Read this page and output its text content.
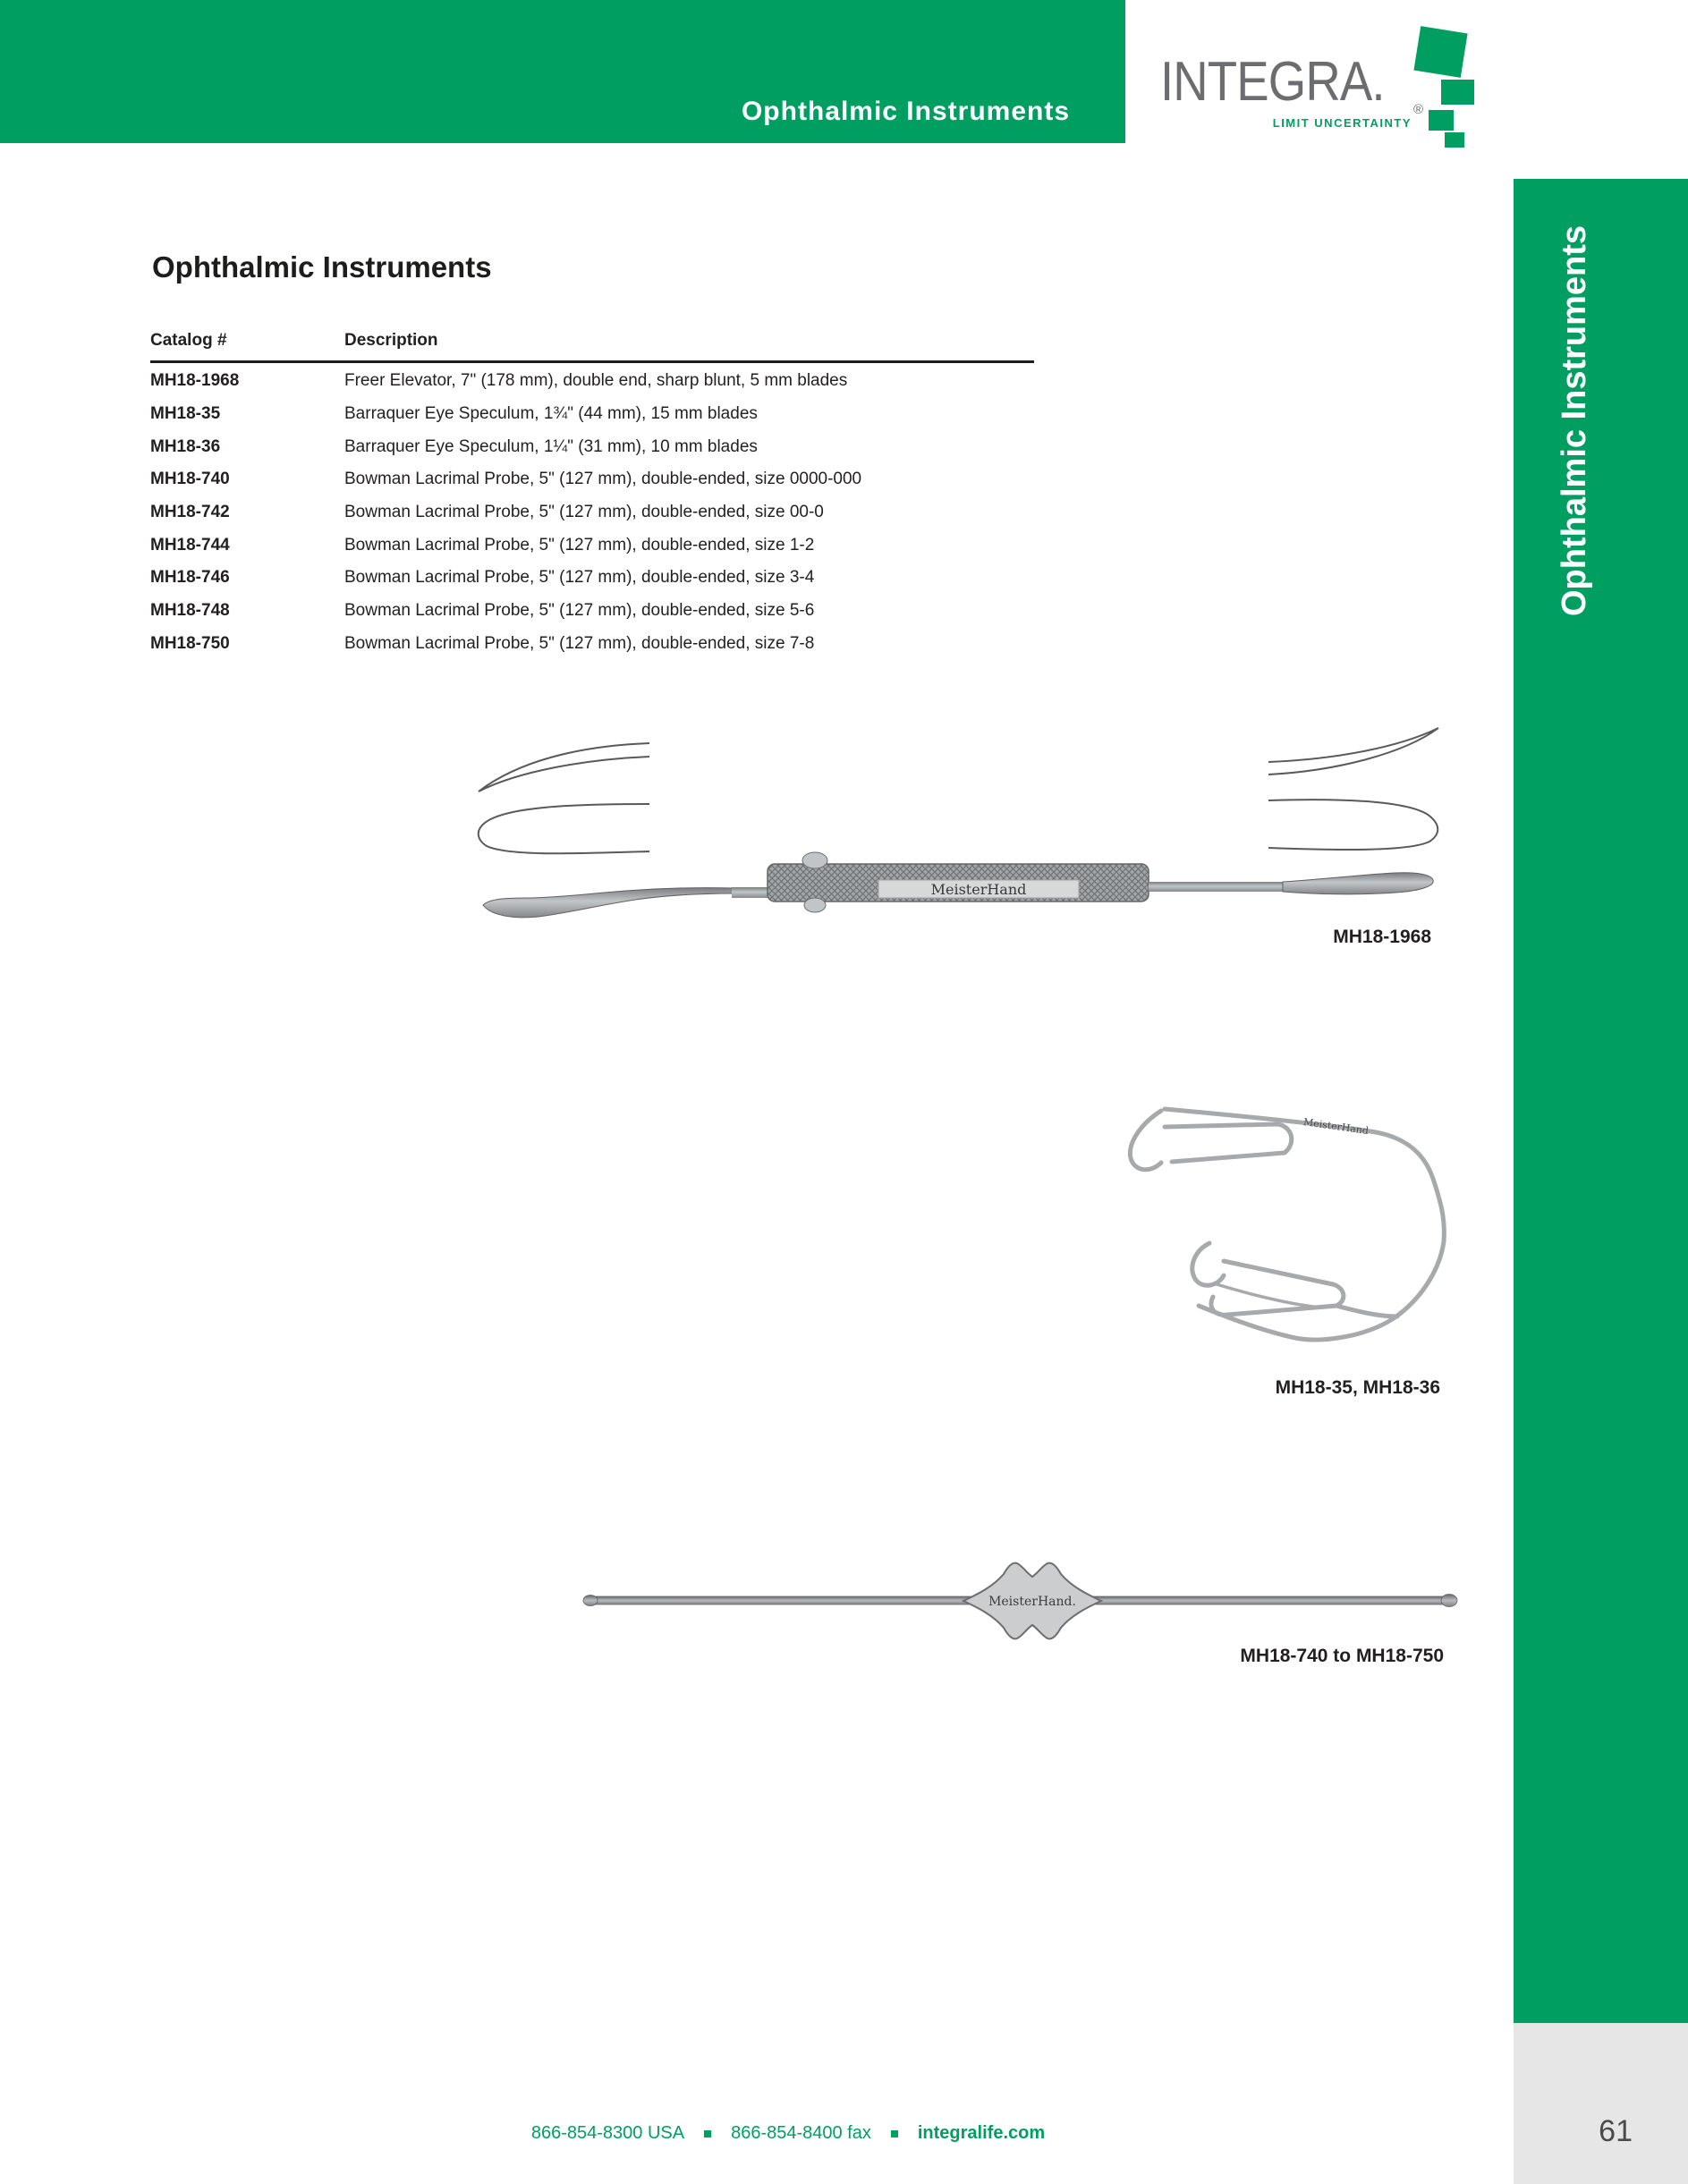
Ophthalmic Instruments INTEGRA. ®
LIMIT UNCERTAINTY
Ophthalmic Instruments
Ophthalmic Instruments
Catalog #	Description
MH18-1968	Freer Elevator, 7" (178 mm), double end, sharp blunt, 5 mm blades
MH18-35	Barraquer Eye Speculum, 1¾" (44 mm), 15 mm blades
MH18-36	Barraquer Eye Speculum, 1¼" (31 mm), 10 mm blades
MH18-740	Bowman Lacrimal Probe, 5" (127 mm), double-ended, size 0000-000
MH18-742	Bowman Lacrimal Probe, 5" (127 mm), double-ended, size 00-0
MH18-744	Bowman Lacrimal Probe, 5" (127 mm), double-ended, size 1-2
MH18-746	Bowman Lacrimal Probe, 5" (127 mm), double-ended, size 3-4
MH18-748	Bowman Lacrimal Probe, 5" (127 mm), double-ended, size 5-6
MH18-750	Bowman Lacrimal Probe, 5" (127 mm), double-ended, size 7-8
MeisterHand
MH18-1968
MeisterHand
MH18-35, MH18-36
MeisterHand.
MH18-740 to MH18-750
866-854-8300 USA	866-854-8400 fax	integralife.com	61
